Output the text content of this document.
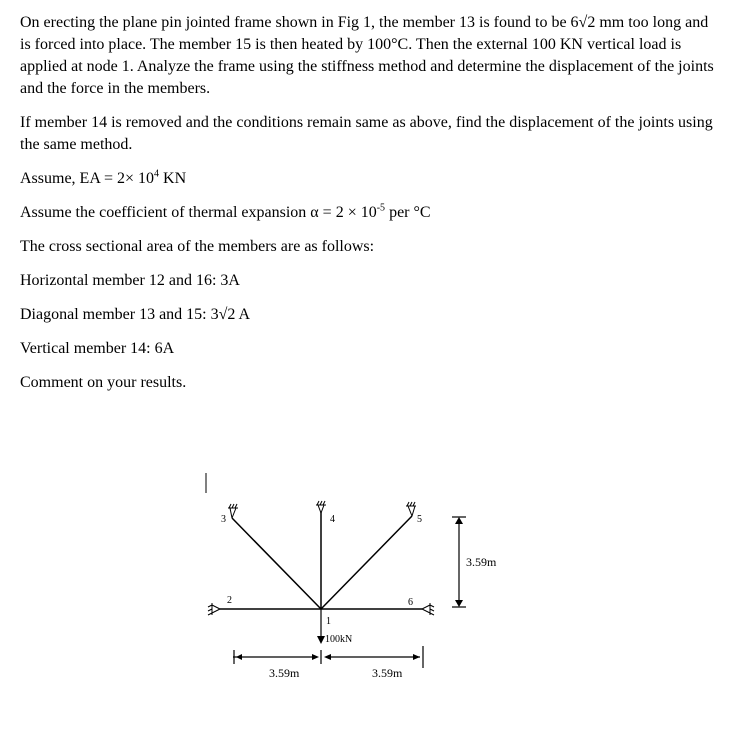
On erecting the plane pin jointed frame shown in Fig 1, the member 13 is found to be 6√2 mm too long and is forced into place. The member 15 is then heated by 100°C. Then the external 100 KN vertical load is applied at node 1. Analyze the frame using the stiffness method and determine the displacement of the joints and the force in the members.

If member 14 is removed and the conditions remain same as above, find the displacement of the joints using the same method.

Assume, EA = $2\times 10^4$ KN
Assume the coefficient of thermal expansion $\alpha = 2 \times 10^{-5}$ per °C
The cross sectional area of the members are as follows:
Horizontal member 12 and 16: 3A
Diagonal member 13 and 15: 3√2 A
Vertical member 14: 6A
Comment on your results.
3	4	5
2	6
1
100kN
3.59m
3.59m	3.59m
